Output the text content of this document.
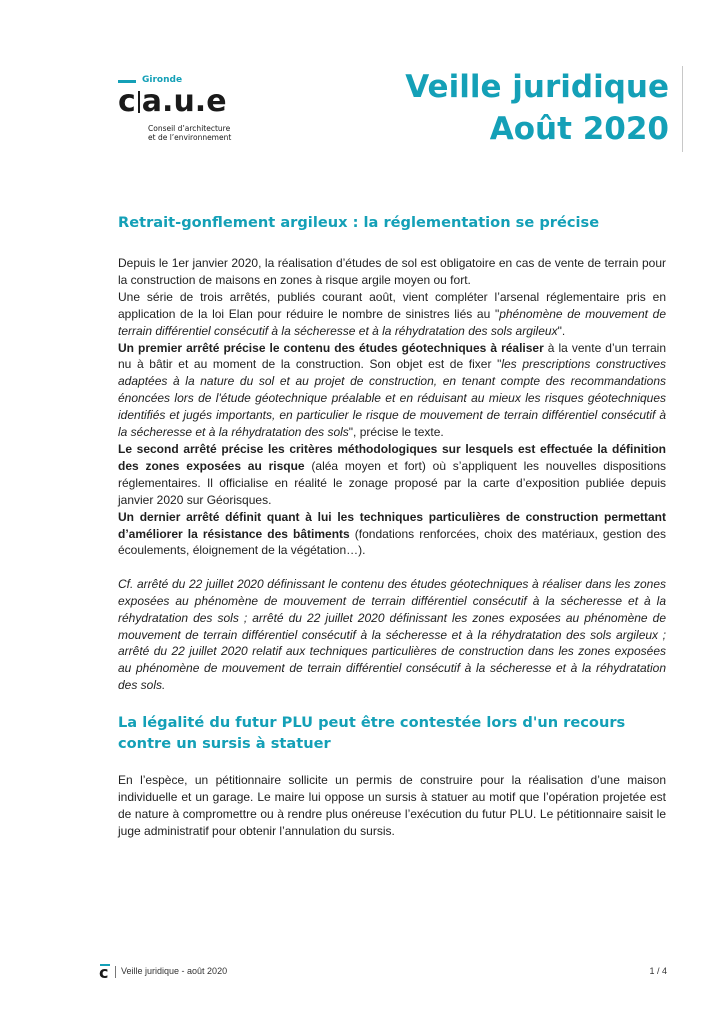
Gironde
c a.u.e
Conseil d’architecture
et de l’environnement
Veille juridique
Août 2020
Retrait-gonflement argileux : la réglementation se précise

Depuis le 1er janvier 2020, la réalisation d’études de sol est obligatoire en cas de vente de terrain pour la construction de maisons en zones à risque argile moyen ou fort.

Une série de trois arrêtés, publiés courant août, vient compléter l’arsenal réglementaire pris en application de la loi Elan pour réduire le nombre de sinistres liés au "phénomène de mouvement de terrain différentiel consécutif à la sécheresse et à la réhydratation des sols argileux".

Un premier arrêté précise le contenu des études géotechniques à réaliser à la vente d’un terrain nu à bâtir et au moment de la construction. Son objet est de fixer "les prescriptions constructives adaptées à la nature du sol et au projet de construction, en tenant compte des recommandations énoncées lors de l'étude géotechnique préalable et en réduisant au mieux les risques géotechniques identifiés et jugés importants, en particulier le risque de mouvement de terrain différentiel consécutif à la sécheresse et à la réhydratation des sols", précise le texte.

Le second arrêté précise les critères méthodologiques sur lesquels est effectuée la définition des zones exposées au risque (aléa moyen et fort) où s’appliquent les nouvelles dispositions réglementaires. Il officialise en réalité le zonage proposé par la carte d’exposition publiée depuis janvier 2020 sur Géorisques.

Un dernier arrêté définit quant à lui les techniques particulières de construction permettant d’améliorer la résistance des bâtiments (fondations renforcées, choix des matériaux, gestion des écoulements, éloignement de la végétation…).

Cf. arrêté du 22 juillet 2020 définissant le contenu des études géotechniques à réaliser dans les zones exposées au phénomène de mouvement de terrain différentiel consécutif à la sécheresse et à la réhydratation des sols ; arrêté du 22 juillet 2020 définissant les zones exposées au phénomène de mouvement de terrain différentiel consécutif à la sécheresse et à la réhydratation des sols argileux ; arrêté du 22 juillet 2020 relatif aux techniques particulières de construction dans les zones exposées au phénomène de mouvement de terrain différentiel consécutif à la sécheresse et à la réhydratation des sols.

La légalité du futur PLU peut être contestée lors d'un recours contre un sursis à statuer

En l’espèce, un pétitionnaire sollicite un permis de construire pour la réalisation d’une maison individuelle et un garage. Le maire lui oppose un sursis à statuer au motif que l’opération projetée est de nature à compromettre ou à rendre plus onéreuse l’exécution du futur PLU. Le pétitionnaire saisit le juge administratif pour obtenir l’annulation du sursis.

c Veille juridique - août 2020	1 / 4
